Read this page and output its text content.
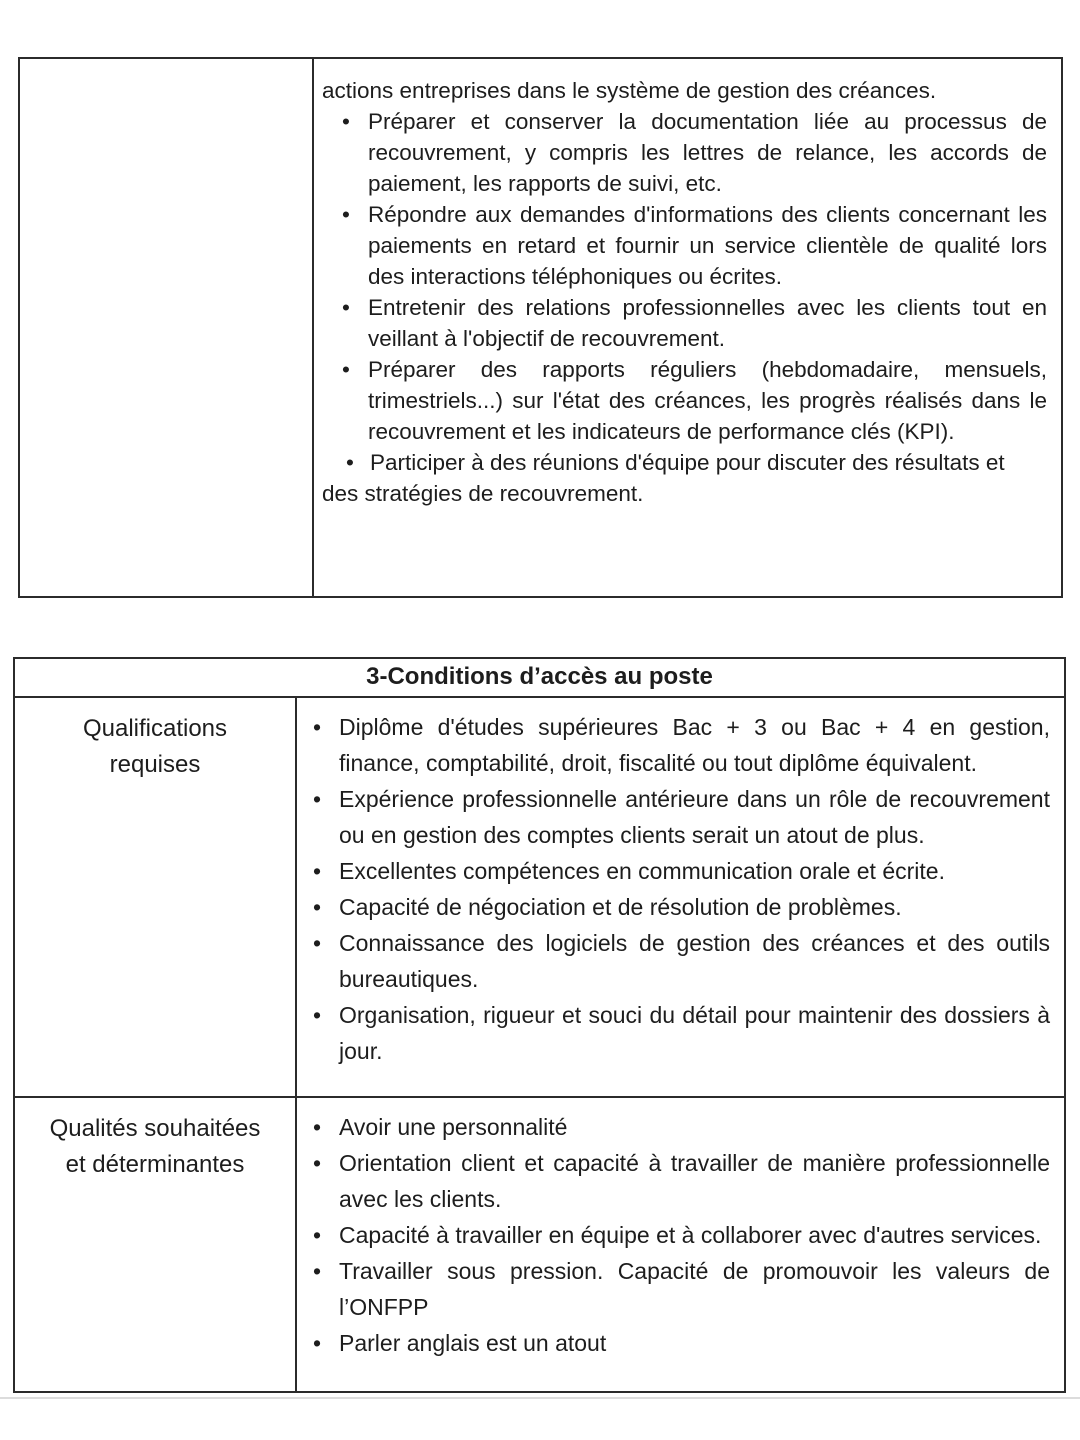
actions entreprises dans le système de gestion des créances.

• Préparer et conserver la documentation liée au processus de recouvrement, y compris les lettres de relance, les accords de paiement, les rapports de suivi, etc.
• Répondre aux demandes d'informations des clients concernant les paiements en retard et fournir un service clientèle de qualité lors des interactions téléphoniques ou écrites.
• Entretenir des relations professionnelles avec les clients tout en veillant à l'objectif de recouvrement.
• Préparer des rapports réguliers (hebdomadaire, mensuels, trimestriels...) sur l'état des créances, les progrès réalisés dans le recouvrement et les indicateurs de performance clés (KPI).

• Participer à des réunions d'équipe pour discuter des résultats et des stratégies de recouvrement.

3-Conditions d’accès au poste
Qualifications requises
• Diplôme d'études supérieures Bac + 3 ou Bac + 4 en gestion, finance, comptabilité, droit, fiscalité ou tout diplôme équivalent.
• Expérience professionnelle antérieure dans un rôle de recouvrement ou en gestion des comptes clients serait un atout de plus.
• Excellentes compétences en communication orale et écrite.
• Capacité de négociation et de résolution de problèmes.
• Connaissance des logiciels de gestion des créances et des outils bureautiques.
• Organisation, rigueur et souci du détail pour maintenir des dossiers à jour.
Qualités souhaitées et déterminantes
• Avoir une personnalité
• Orientation client et capacité à travailler de manière professionnelle avec les clients.
• Capacité à travailler en équipe et à collaborer avec d'autres services.
• Travailler sous pression. Capacité de promouvoir les valeurs de l’ONFPP
• Parler anglais est un atout
